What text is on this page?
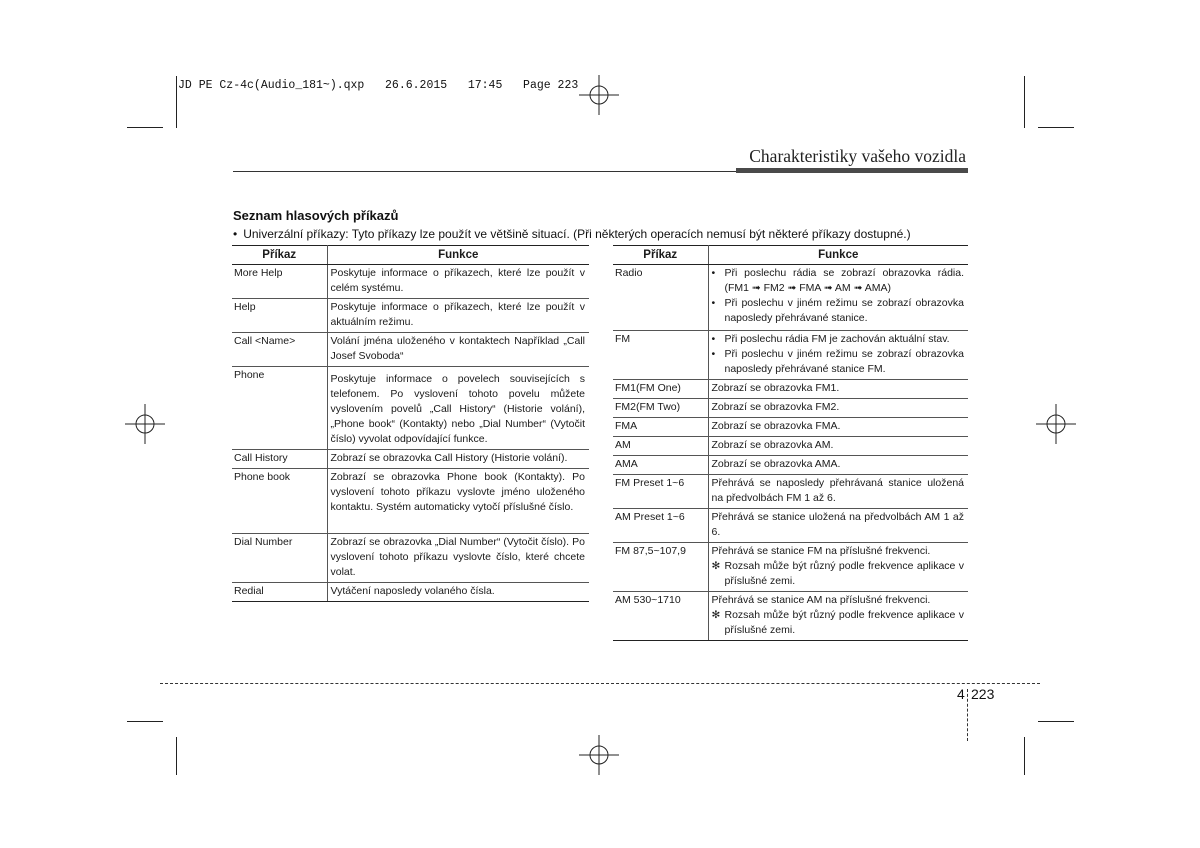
JD PE Cz-4c(Audio_181~).qxp   26.6.2015   17:45   Page 223
Charakteristiky vašeho vozidla
Seznam hlasových příkazů
• Univerzální příkazy: Tyto příkazy lze použít ve většině situací. (Při některých operacích nemusí být některé příkazy dostupné.)
Příkaz	Funkce
More Help	Poskytuje informace o příkazech, které lze použít v celém systému.
Help	Poskytuje informace o příkazech, které lze použít v aktuálním režimu.
Call <Name>	Volání jména uloženého v kontaktech Například „Call Josef Svoboda“
Phone	Poskytuje informace o povelech souvisejících s telefonem. Po vyslovení tohoto povelu můžete vyslovením povelů „Call History“ (Historie volání), „Phone book“ (Kontakty) nebo „Dial Number“ (Vytočit číslo) vyvolat odpovídající funkce.
Call History	Zobrazí se obrazovka Call History (Historie volání).
Phone book	Zobrazí se obrazovka Phone book (Kontakty). Po vyslovení tohoto příkazu vyslovte jméno uloženého kontaktu. Systém automaticky vytočí příslušné číslo.
Dial Number	Zobrazí se obrazovka „Dial Number“ (Vytočit číslo). Po vyslovení tohoto příkazu vyslovte číslo, které chcete volat.
Redial	Vytáčení naposledy volaného čísla.
Příkaz	Funkce
Radio	• Při poslechu rádia se zobrazí obrazovka rádia. (FM1 ➟ FM2 ➟ FMA ➟ AM ➟ AMA)
• Při poslechu v jiném režimu se zobrazí obrazovka naposledy přehrávané stanice.

FM	• Při poslechu rádia FM je zachován aktuální stav.
• Při poslechu v jiném režimu se zobrazí obrazovka naposledy přehrávané stanice FM.

FM1(FM One)	Zobrazí se obrazovka FM1.
FM2(FM Two)	Zobrazí se obrazovka FM2.
FMA	Zobrazí se obrazovka FMA.
AM	Zobrazí se obrazovka AM.
AMA	Zobrazí se obrazovka AMA.
FM Preset 1~6	Přehrává se naposledy přehrávaná stanice uložená na předvolbách FM 1 až 6.
AM Preset 1~6	Přehrává se stanice uložená na předvolbách AM 1 až 6.
FM 87,5~107,9	Přehrává se stanice FM na příslušné frekvenci.
✻ Rozsah může být různý podle frekvence aplikace v příslušné zemi.

AM 530~1710	Přehrává se stanice AM na příslušné frekvenci.
✻ Rozsah může být různý podle frekvence aplikace v příslušné zemi.
4 223
